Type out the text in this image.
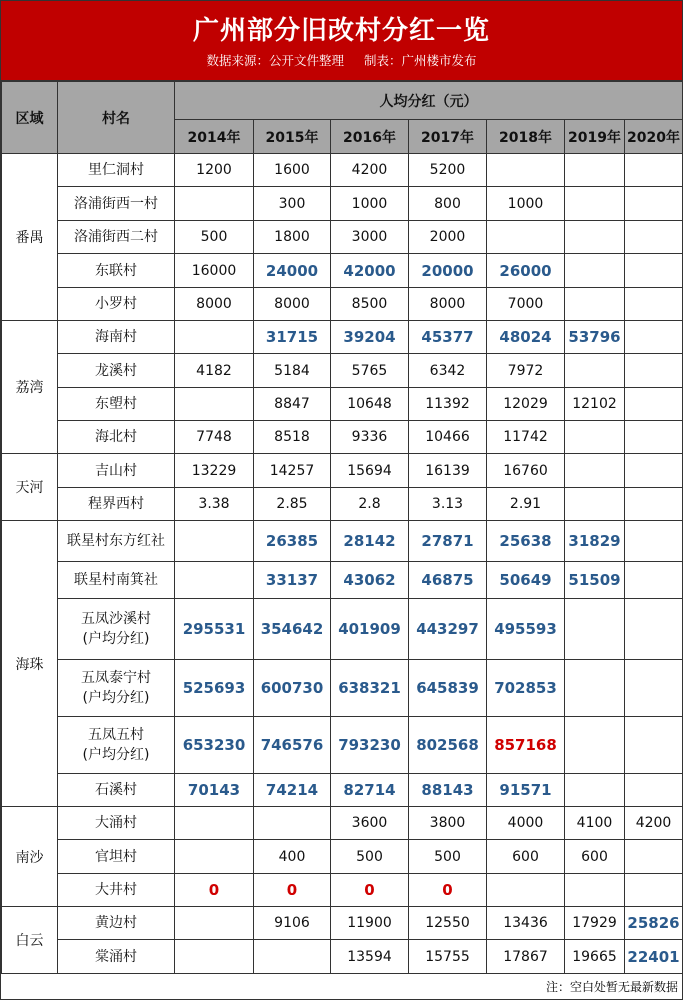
广州部分旧改村分红一览
数据来源：公开文件整理 制表：广州楼市发布
区域	村名	人均分红（元）						
		2014年	2015年	2016年	2017年	2018年	2019年	2020年
番禺	里仁洞村	1200	1600	4200	5200			

	洛浦街西一村		300	1000	800	1000		

	洛浦街西二村	500	1800	3000	2000			

	东联村	16000	24000	42000	20000	26000		

	小罗村	8000	8000	8500	8000	7000		
荔湾	海南村		31715	39204	45377	48024	53796	

	龙溪村	4182	5184	5765	6342	7972		

	东塱村		8847	10648	11392	12029	12102	

	海北村	7748	8518	9336	10466	11742		
天河	吉山村	13229	14257	15694	16139	16760		

	程界西村	3.38	2.85	2.8	3.13	2.91		
海珠	联星村东方红社		26385	28142	27871	25638	31829	

	联星村南箕社		33137	43062	46875	50649	51509	

	五凤沙溪村
(户均分红)	295531	354642	401909	443297	495593		

	五凤泰宁村
(户均分红)	525693	600730	638321	645839	702853		

	五凤五村
(户均分红)	653230	746576	793230	802568	857168		

	石溪村	70143	74214	82714	88143	91571		
南沙	大涌村			3600	3800	4000	4100	4200

	官坦村		400	500	500	600	600	

	大井村	0	0	0	0			
白云	黄边村		9106	11900	12550	13436	17929	25826

	棠涌村			13594	15755	17867	19665	22401
注：空白处暂无最新数据
